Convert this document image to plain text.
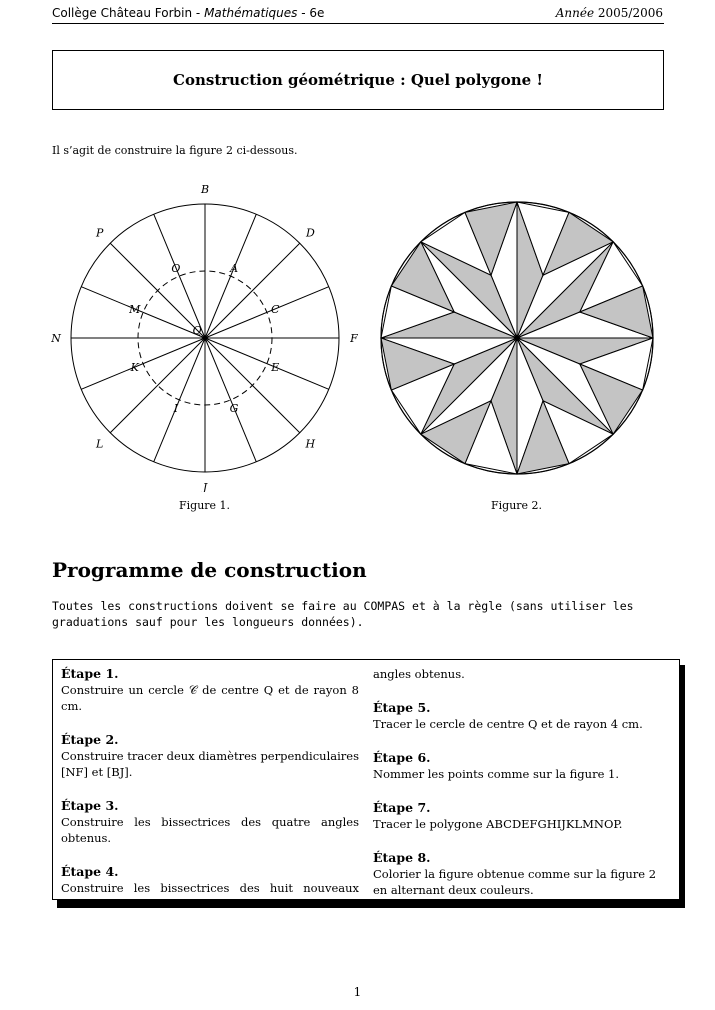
Collège Château Forbin - Mathématiques - 6e	Année 2005/2006
Construction géométrique : Quel polygone !
Il s’agit de construire la figure 2 ci-dessous.
B
D
F
H
J
L
N
P
A
C
E
G
I
K
M
O
Q
Figure 1.	Figure 2.
Programme de construction
Toutes les constructions doivent se faire au COMPAS et à la règle (sans utiliser les graduations sauf pour les longueurs données).
Étape 1.
Construire un cercle 𝒞 de centre Q et de rayon 8 cm.
Étape 2.
Construire tracer deux diamètres perpendiculaires [NF] et [BJ].
Étape 3.
Construire les bissectrices des quatre angles obtenus.
Étape 4.
Construire les bissectrices des huit nouveaux
angles obtenus.
Étape 5.
Tracer le cercle de centre Q et de rayon 4 cm.
Étape 6.
Nommer les points comme sur la figure 1.
Étape 7.
Tracer le polygone ABCDEFGHIJKLMNOP.
Étape 8.
Colorier la figure obtenue comme sur la figure 2 en alternant deux couleurs.
1
